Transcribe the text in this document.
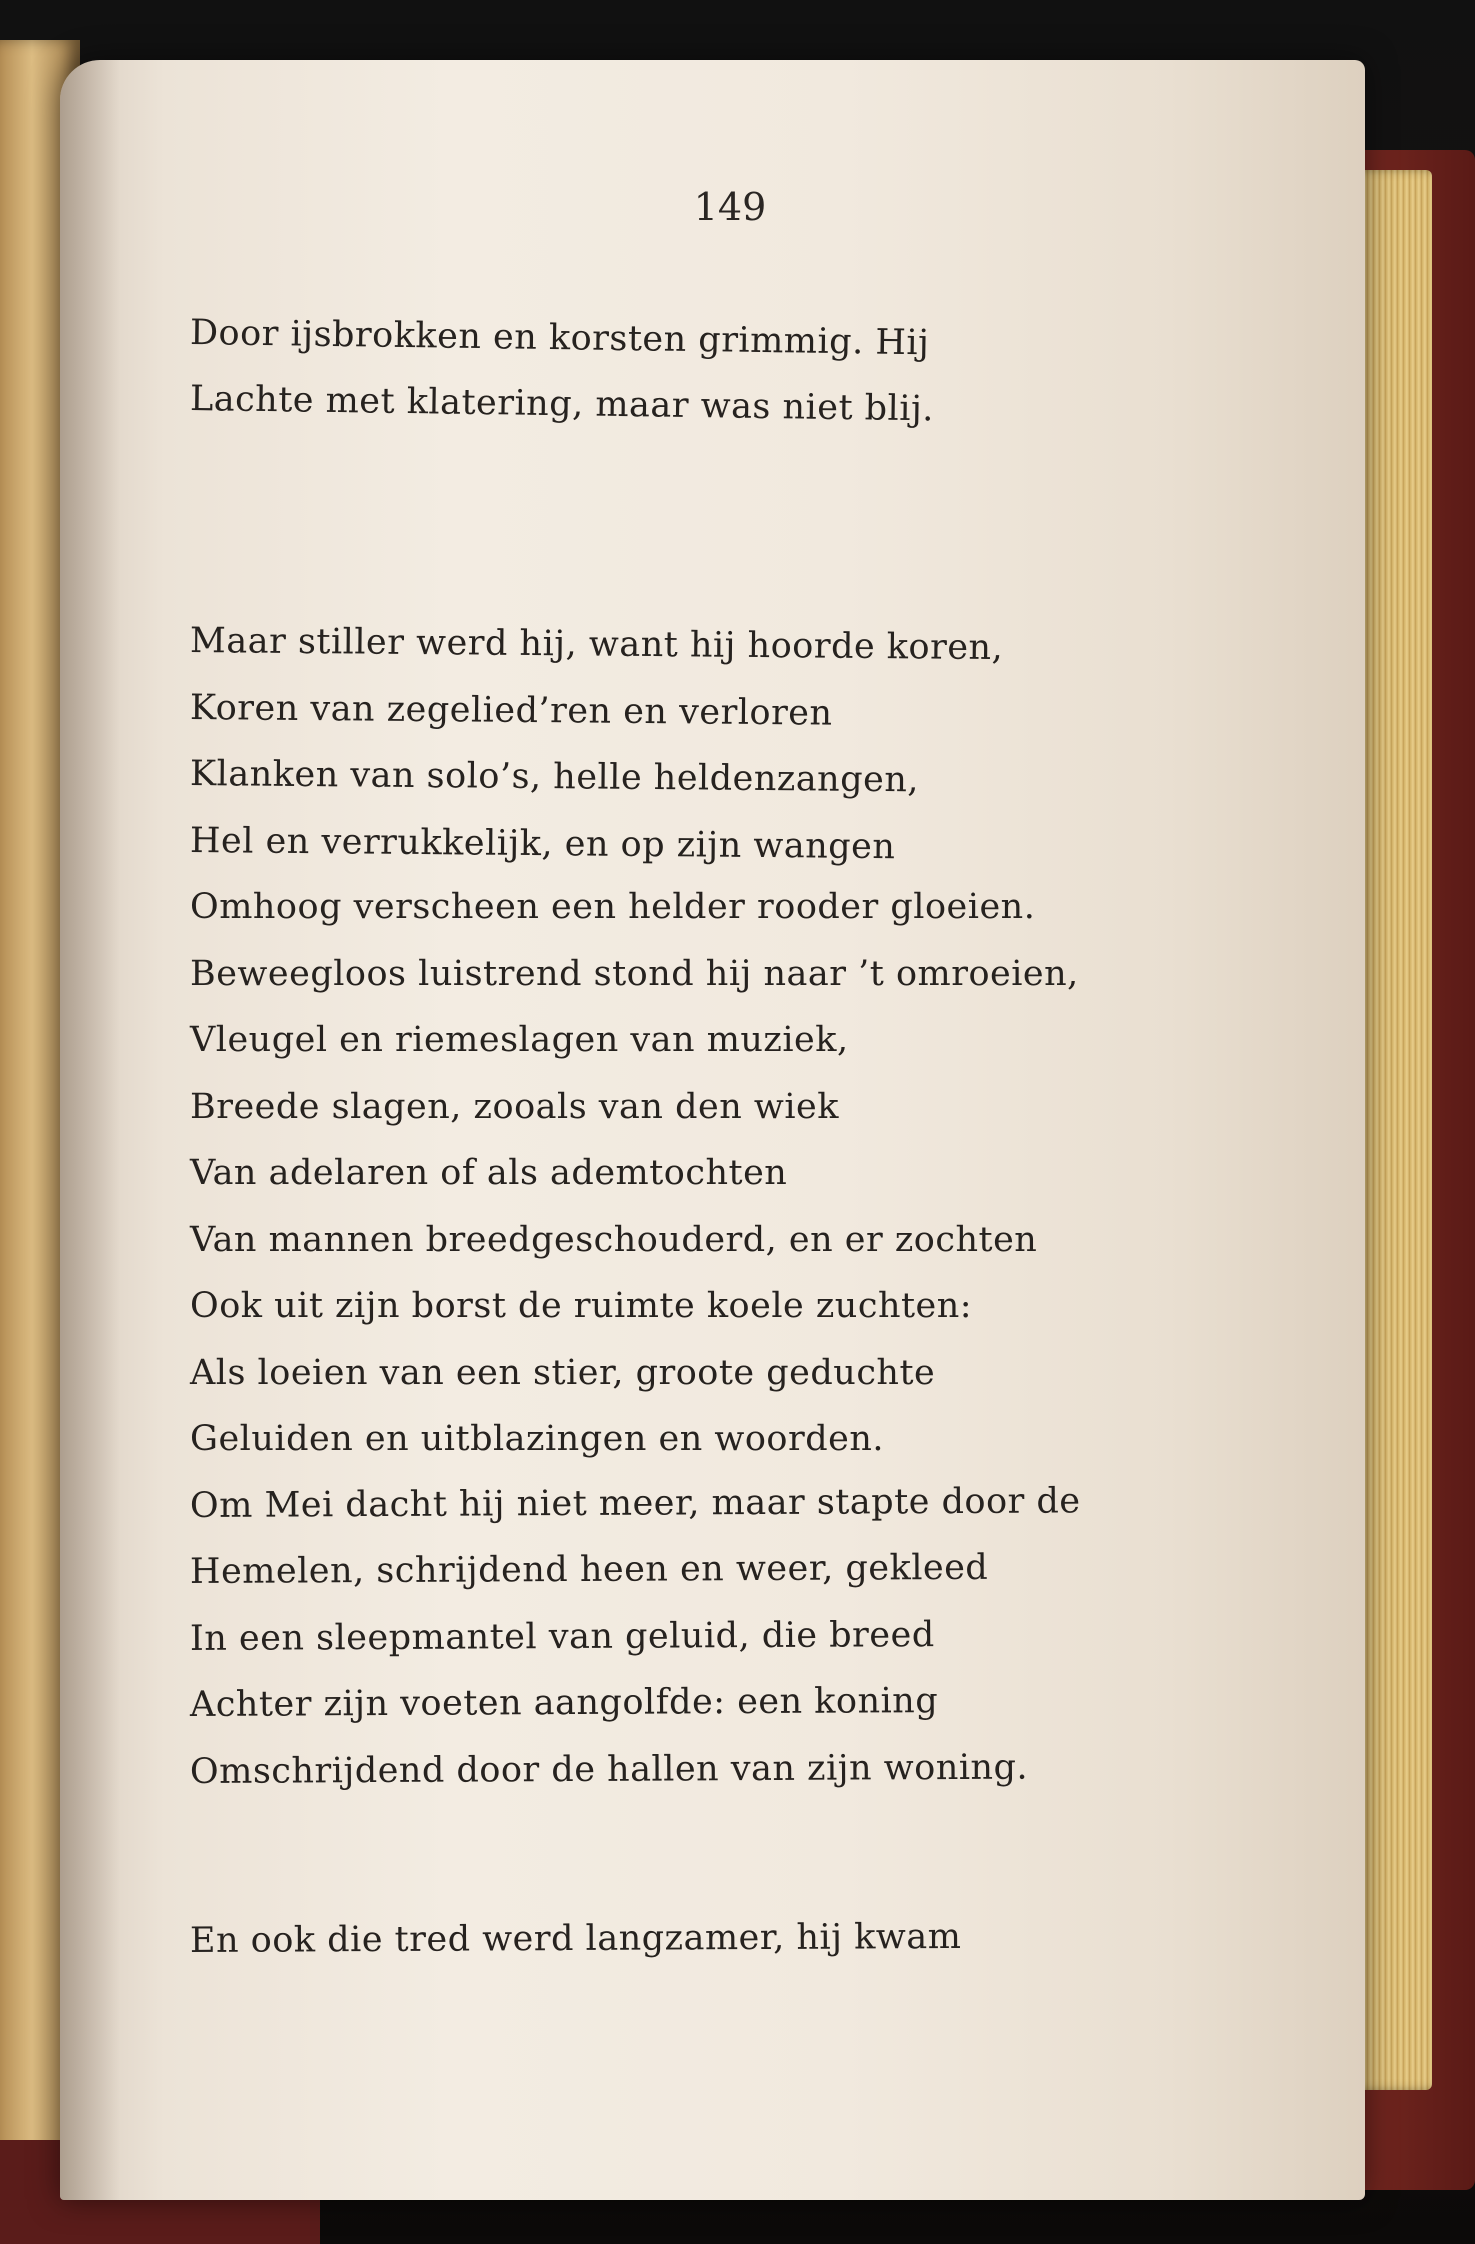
149
Door ijsbrokken en korsten grimmig. Hij
Lachte met klatering, maar was niet blij.
Maar stiller werd hij, want hij hoorde koren,
Koren van zegelied’ren en verloren
Klanken van solo’s, helle heldenzangen,
Hel en verrukkelijk, en op zijn wangen
Omhoog verscheen een helder rooder gloeien.
Beweegloos luistrend stond hij naar ’t omroeien,
Vleugel en riemeslagen van muziek,
Breede slagen, zooals van den wiek
Van adelaren of als ademtochten
Van mannen breedgeschouderd, en er zochten
Ook uit zijn borst de ruimte koele zuchten:
Als loeien van een stier, groote geduchte
Geluiden en uitblazingen en woorden.
Om Mei dacht hij niet meer, maar stapte door de
Hemelen, schrijdend heen en weer, gekleed
In een sleepmantel van geluid, die breed
Achter zijn voeten aangolfde: een koning
Omschrijdend door de hallen van zijn woning.
En ook die tred werd langzamer, hij kwam
